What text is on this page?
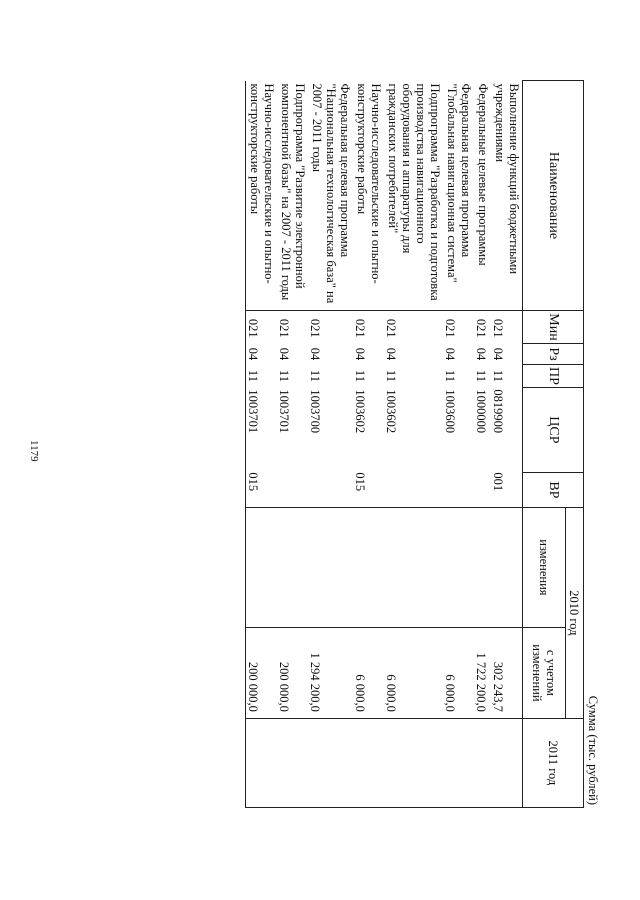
1179
Сумма (тыс. рублей)
Наименование	Мин	Рз	ПР	ЦСР	ВР	2010 год		2011 год
						изменения	с учетом изменений	
Выполнение функций бюджетными учреждениями	021	04	11	0819900	001		302 243,7	
Федеральные целевые программы	021	04	11	1000000			1 722 200,0	
Федеральная целевая программа "Глобальная навигационная система"	021	04	11	1003600			6 000,0	
Подпрограмма "Разработка и подготовка производства навигационного оборудования и аппаратуры для гражданских потребителей"	021	04	11	1003602			6 000,0	
Научно-исследовательские и опытно-конструкторские работы	021	04	11	1003602	015		6 000,0	
Федеральная целевая программа "Национальная технологическая база" на 2007 - 2011 годы	021	04	11	1003700			1 294 200,0	
Подпрограмма "Развитие электронной компонентной базы" на 2007 - 2011 годы	021	04	11	1003701			200 000,0	
Научно-исследовательские и опытно-конструкторские работы	021	04	11	1003701	015		200 000,0	
